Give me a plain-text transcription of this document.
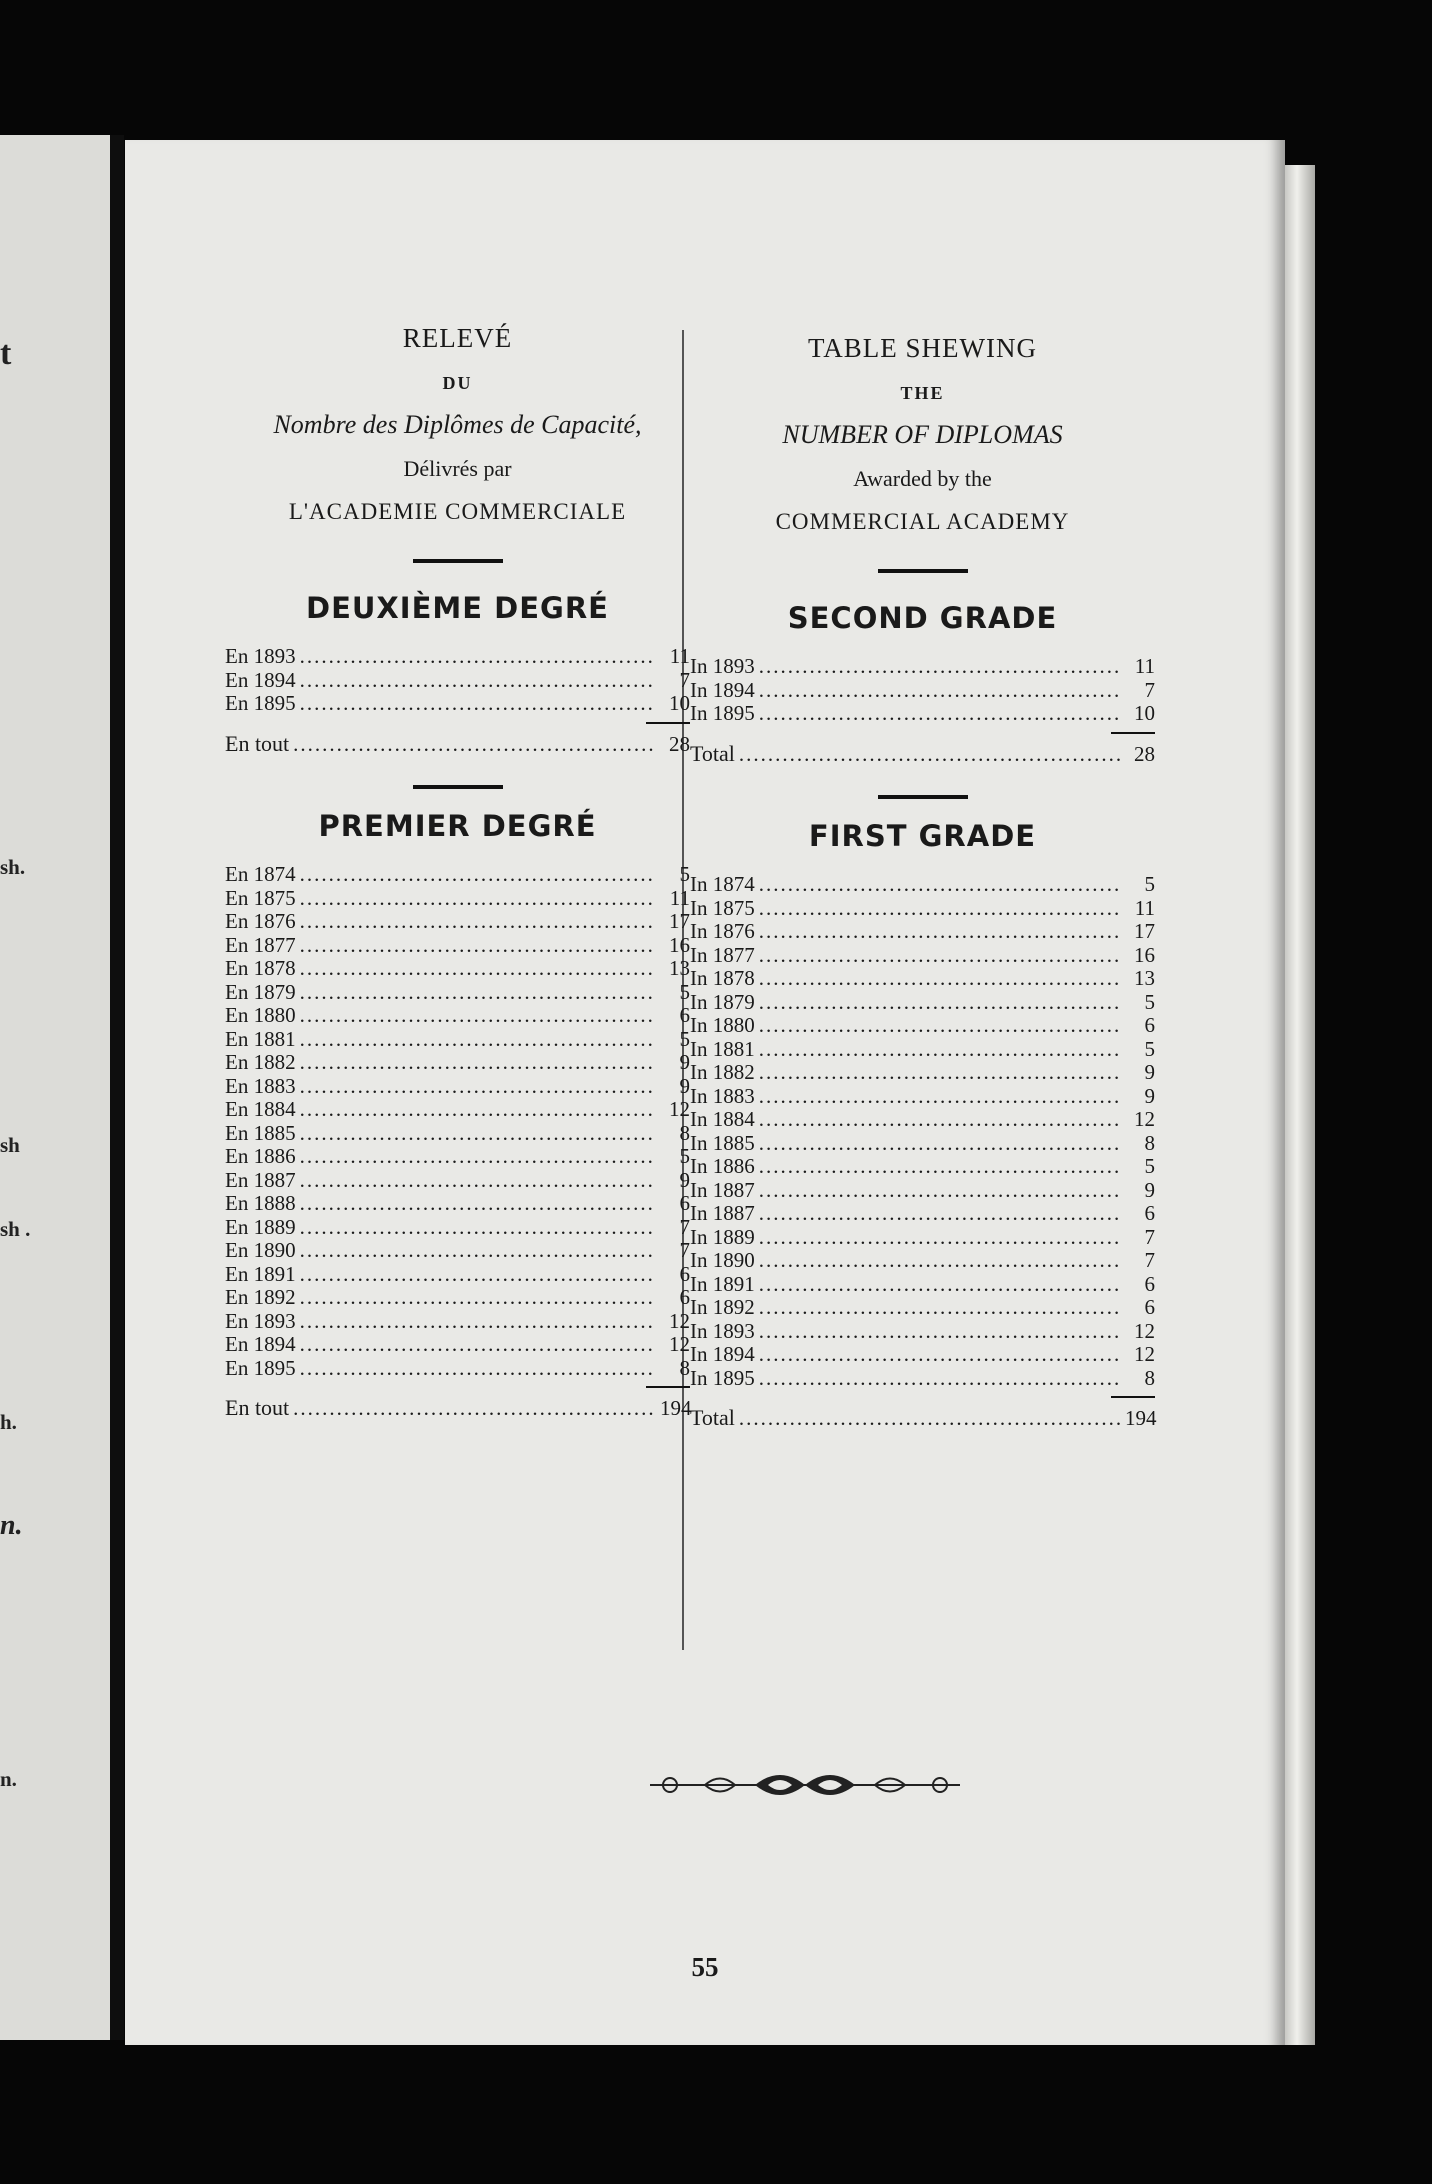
t
sh.
sh
sh .
h.
n.
n.
RELEVÉ
DU
Nombre des Diplômes de Capacité,
Délivrés par
L'ACADEMIE COMMERCIALE
DEUXIÈME DEGRÉ
En 1893 .....	11
En 1894 .....	7
En 1895 .....	10
En tout .....	28
PREMIER DEGRÉ
En 1874 .....	5
En 1875 .....	11
En 1876 .....	17
En 1877 .....	16
En 1878 .....	13
En 1879 .....	5
En 1880 .....	6
En 1881 .....	5
En 1882 .....	9
En 1883 .....	9
En 1884 .....	12
En 1885 .....	8
En 1886 .....	5
En 1887 .....	9
En 1888 .....	6
En 1889 .....	7
En 1890 .....	7
En 1891 .....	6
En 1892 .....	6
En 1893 .....	12
En 1894 .....	12
En 1895 .....	8
En tout .....	194
TABLE SHEWING
THE
NUMBER OF DIPLOMAS
Awarded by the
COMMERCIAL ACADEMY
SECOND GRADE
In 1893 .....	11
In 1894 .....	7
In 1895 .....	10
Total .....	28
FIRST GRADE
In 1874 .....	5
In 1875 .....	11
In 1876 .....	17
In 1877 .....	16
In 1878 .....	13
In 1879 .....	5
In 1880 .....	6
In 1881 .....	5
In 1882 .....	9
In 1883 .....	9
In 1884 .....	12
In 1885 .....	8
In 1886 .....	5
In 1887 .....	9
In 1887 .....	6
In 1889 .....	7
In 1890 .....	7
In 1891 .....	6
In 1892 .....	6
In 1893 .....	12
In 1894 .....	12
In 1895 .....	8
Total .....	194
55
